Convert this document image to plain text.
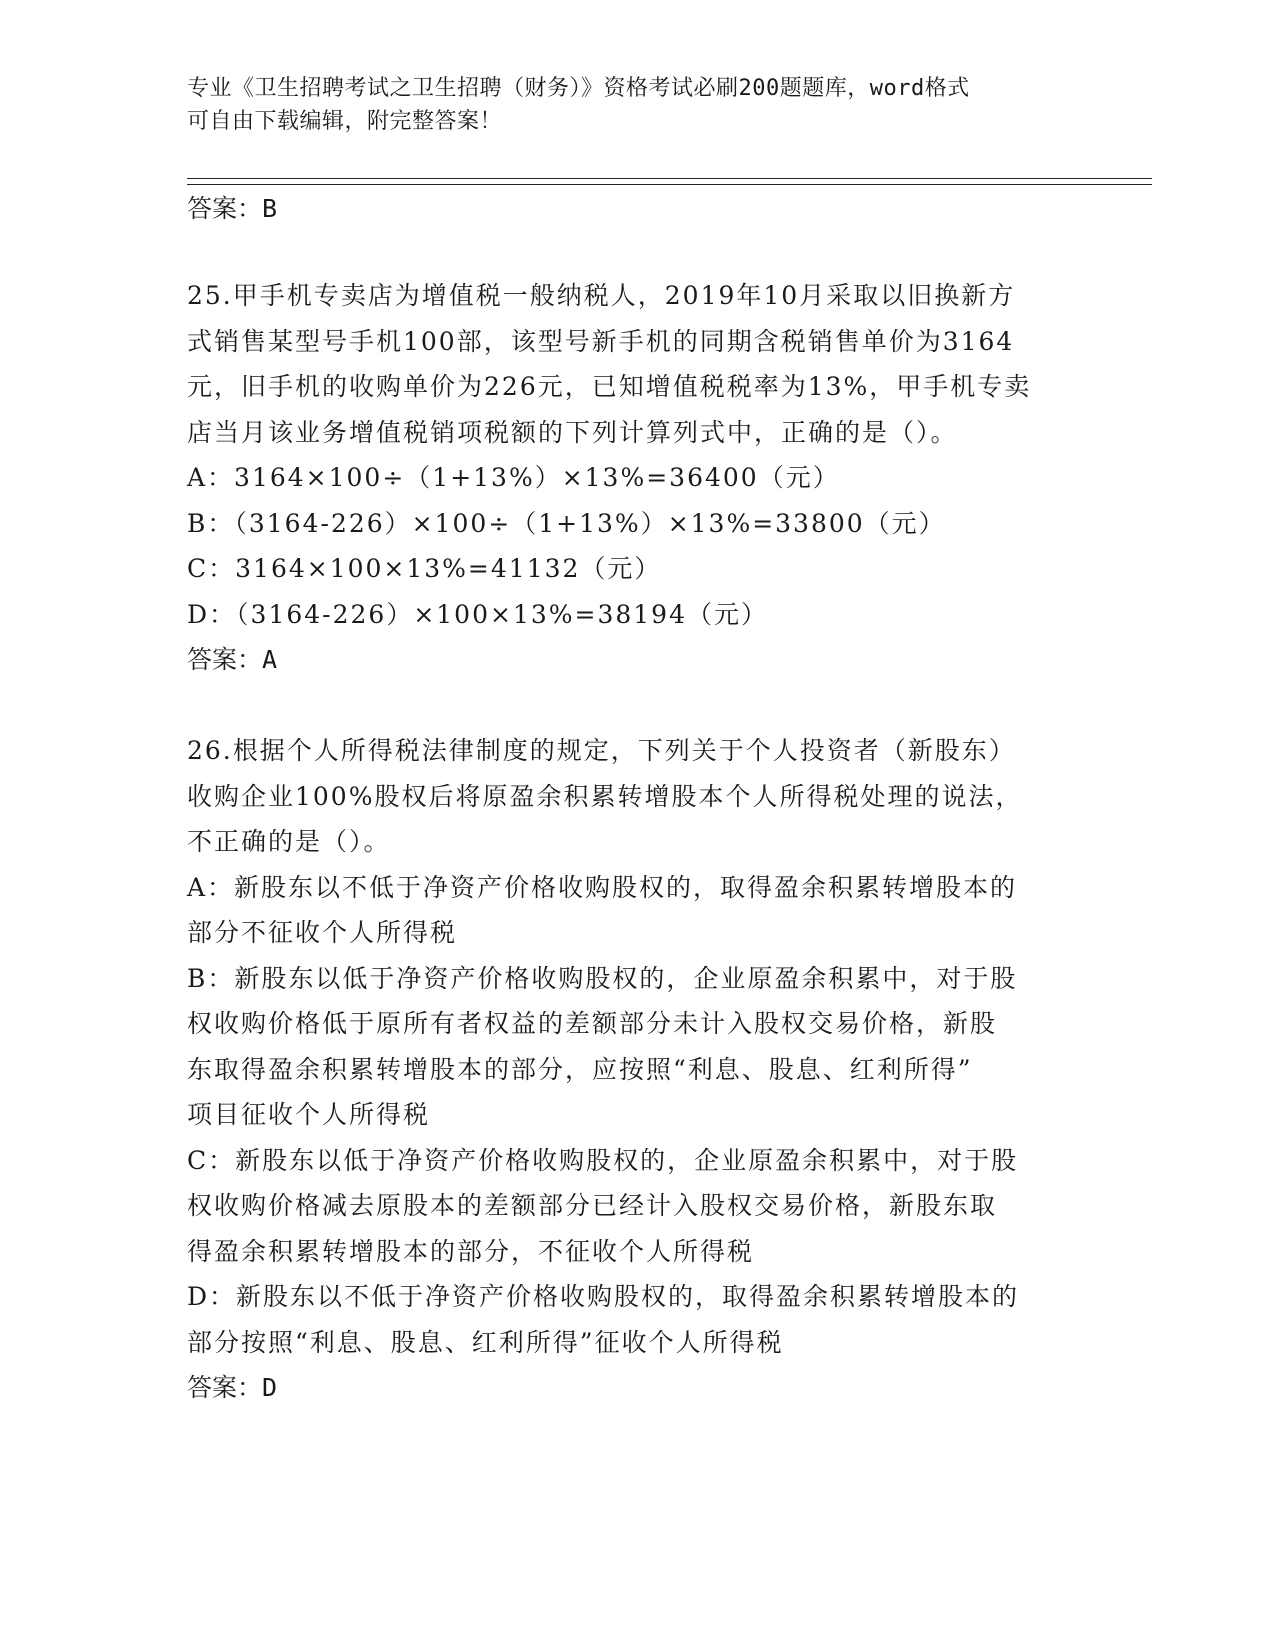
专业《卫生招聘考试之卫生招聘（财务）》资格考试必刷200题题库，word格式
可自由下载编辑，附完整答案！
答案：B
25.甲手机专卖店为增值税一般纳税人，2019年10月采取以旧换新方
式销售某型号手机100部，该型号新手机的同期含税销售单价为3164
元，旧手机的收购单价为226元，已知增值税税率为13%，甲手机专卖
店当月该业务增值税销项税额的下列计算列式中，正确的是（）。
A：3164×100÷（1+13%）×13%=36400（元）
B：（3164-226）×100÷（1+13%）×13%=33800（元）
C：3164×100×13%=41132（元）
D：（3164-226）×100×13%=38194（元）
答案：A
26.根据个人所得税法律制度的规定，下列关于个人投资者（新股东）
收购企业100%股权后将原盈余积累转增股本个人所得税处理的说法，
不正确的是（）。
A：新股东以不低于净资产价格收购股权的，取得盈余积累转增股本的
部分不征收个人所得税
B：新股东以低于净资产价格收购股权的，企业原盈余积累中，对于股
权收购价格低于原所有者权益的差额部分未计入股权交易价格，新股
东取得盈余积累转增股本的部分，应按照“利息、股息、红利所得”
项目征收个人所得税
C：新股东以低于净资产价格收购股权的，企业原盈余积累中，对于股
权收购价格减去原股本的差额部分已经计入股权交易价格，新股东取
得盈余积累转增股本的部分，不征收个人所得税
D：新股东以不低于净资产价格收购股权的，取得盈余积累转增股本的
部分按照“利息、股息、红利所得”征收个人所得税
答案：D
